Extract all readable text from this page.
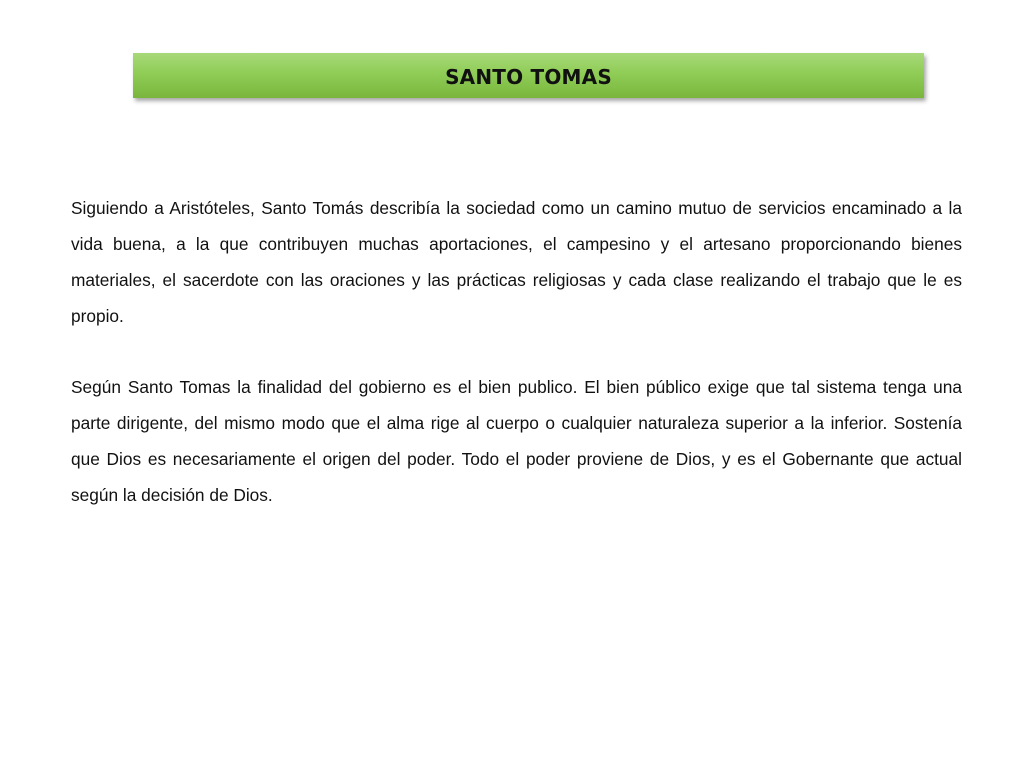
SANTO TOMAS

Siguiendo a Aristóteles, Santo Tomás describía la sociedad como un camino mutuo de servicios encaminado a la vida buena, a la que contribuyen muchas aportaciones, el campesino y el artesano proporcionando bienes materiales, el sacerdote con las oraciones y las prácticas religiosas y cada clase realizando el trabajo que le es propio.

Según Santo Tomas la finalidad del gobierno es el bien publico. El bien público exige que tal sistema tenga una parte dirigente, del mismo modo que el alma rige al cuerpo o cualquier naturaleza superior a la inferior. Sostenía que Dios es necesariamente el origen del poder. Todo el poder proviene de Dios, y es el Gobernante que actual según la decisión de Dios.
